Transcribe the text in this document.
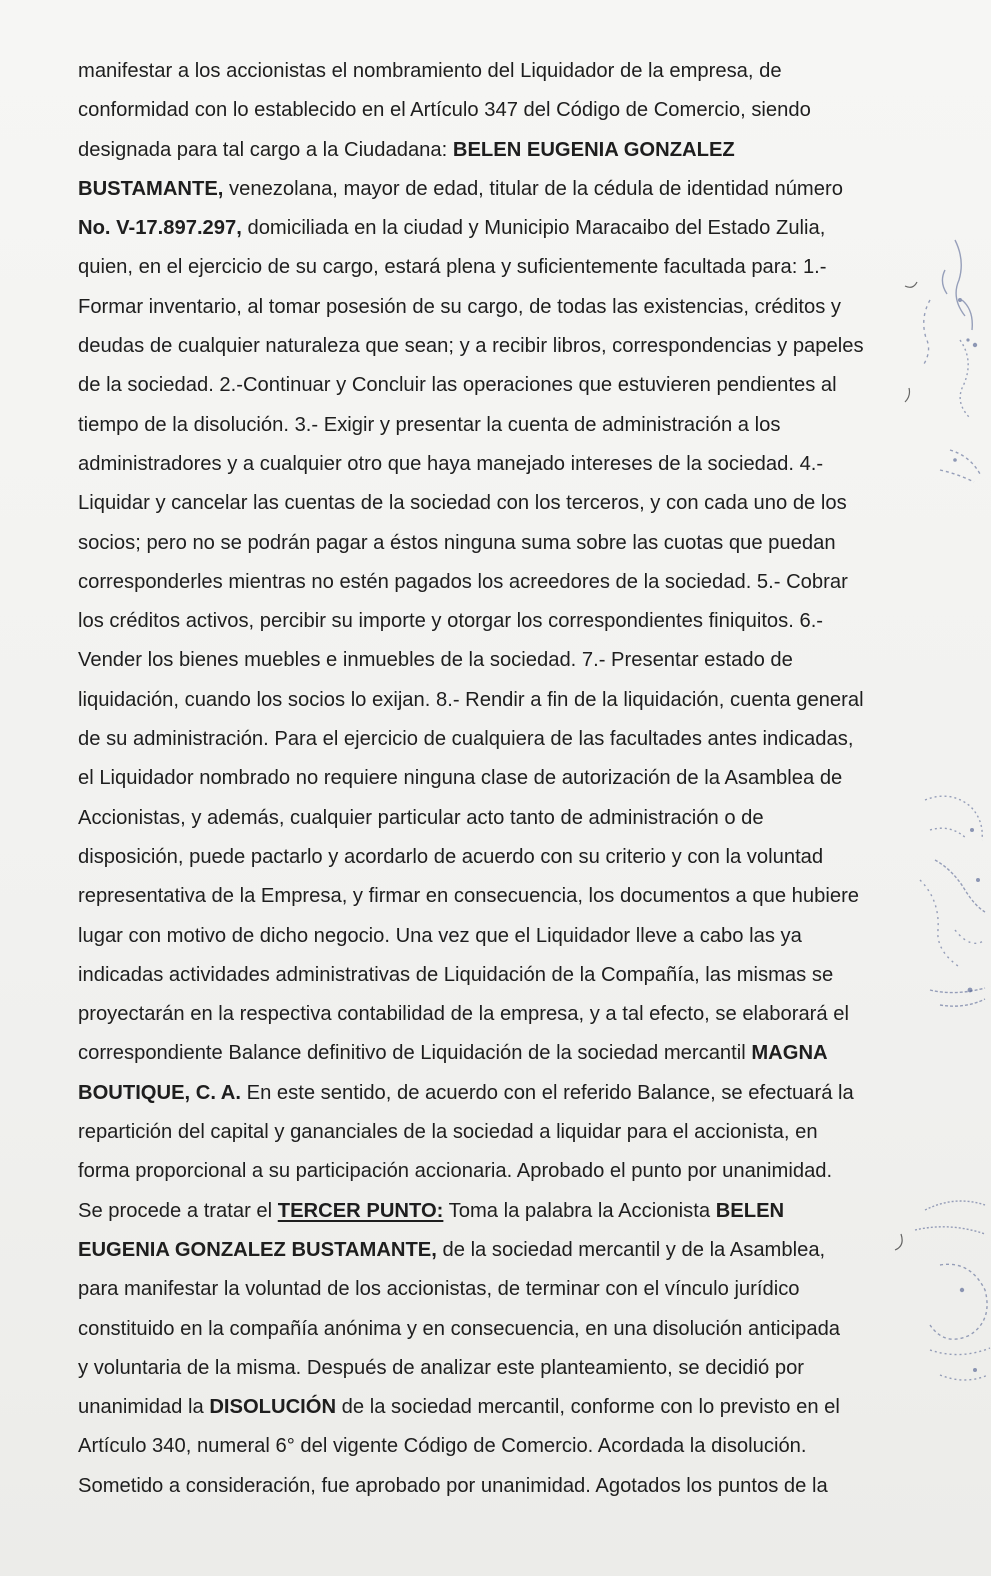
manifestar a los accionistas el nombramiento del Liquidador de la empresa, de
conformidad con lo establecido en el Artículo 347 del Código de Comercio, siendo
designada para tal cargo a la Ciudadana: BELEN EUGENIA GONZALEZ
BUSTAMANTE, venezolana, mayor de edad, titular de la cédula de identidad número
No. V-17.897.297, domiciliada en la ciudad y Municipio Maracaibo del Estado Zulia,
quien, en el ejercicio de su cargo, estará plena y suficientemente facultada para: 1.-
Formar inventario, al tomar posesión de su cargo, de todas las existencias, créditos y
deudas de cualquier naturaleza que sean; y a recibir libros, correspondencias y papeles
de la sociedad. 2.-Continuar y Concluir las operaciones que estuvieren pendientes al
tiempo de la disolución. 3.- Exigir y presentar la cuenta de administración a los
administradores y a cualquier otro que haya manejado intereses de la sociedad. 4.-
Liquidar y cancelar las cuentas de la sociedad con los terceros, y con cada uno de los
socios; pero no se podrán pagar a éstos ninguna suma sobre las cuotas que puedan
corresponderles mientras no estén pagados los acreedores de la sociedad. 5.- Cobrar
los créditos activos, percibir su importe y otorgar los correspondientes finiquitos. 6.-
Vender los bienes muebles e inmuebles de la sociedad. 7.- Presentar estado de
liquidación, cuando los socios lo exijan. 8.- Rendir a fin de la liquidación, cuenta general
de su administración. Para el ejercicio de cualquiera de las facultades antes indicadas,
el Liquidador nombrado no requiere ninguna clase de autorización de la Asamblea de
Accionistas, y además, cualquier particular acto tanto de administración o de
disposición, puede pactarlo y acordarlo de acuerdo con su criterio y con la voluntad
representativa de la Empresa, y firmar en consecuencia, los documentos a que hubiere
lugar con motivo de dicho negocio. Una vez que el Liquidador lleve a cabo las ya
indicadas actividades administrativas de Liquidación de la Compañía, las mismas se
proyectarán en la respectiva contabilidad de la empresa, y a tal efecto, se elaborará el
correspondiente Balance definitivo de Liquidación de la sociedad mercantil MAGNA
BOUTIQUE, C. A. En este sentido, de acuerdo con el referido Balance, se efectuará la
repartición del capital y gananciales de la sociedad a liquidar para el accionista, en
forma proporcional a su participación accionaria. Aprobado el punto por unanimidad.
Se procede a tratar el TERCER PUNTO: Toma la palabra la Accionista BELEN
EUGENIA GONZALEZ BUSTAMANTE, de la sociedad mercantil y de la Asamblea,
para manifestar la voluntad de los accionistas, de terminar con el vínculo jurídico
constituido en la compañía anónima y en consecuencia, en una disolución anticipada
y voluntaria de la misma. Después de analizar este planteamiento, se decidió por
unanimidad la DISOLUCIÓN de la sociedad mercantil, conforme con lo previsto en el
Artículo 340, numeral 6° del vigente Código de Comercio. Acordada la disolución.
Sometido a consideración, fue aprobado por unanimidad. Agotados los puntos de la
